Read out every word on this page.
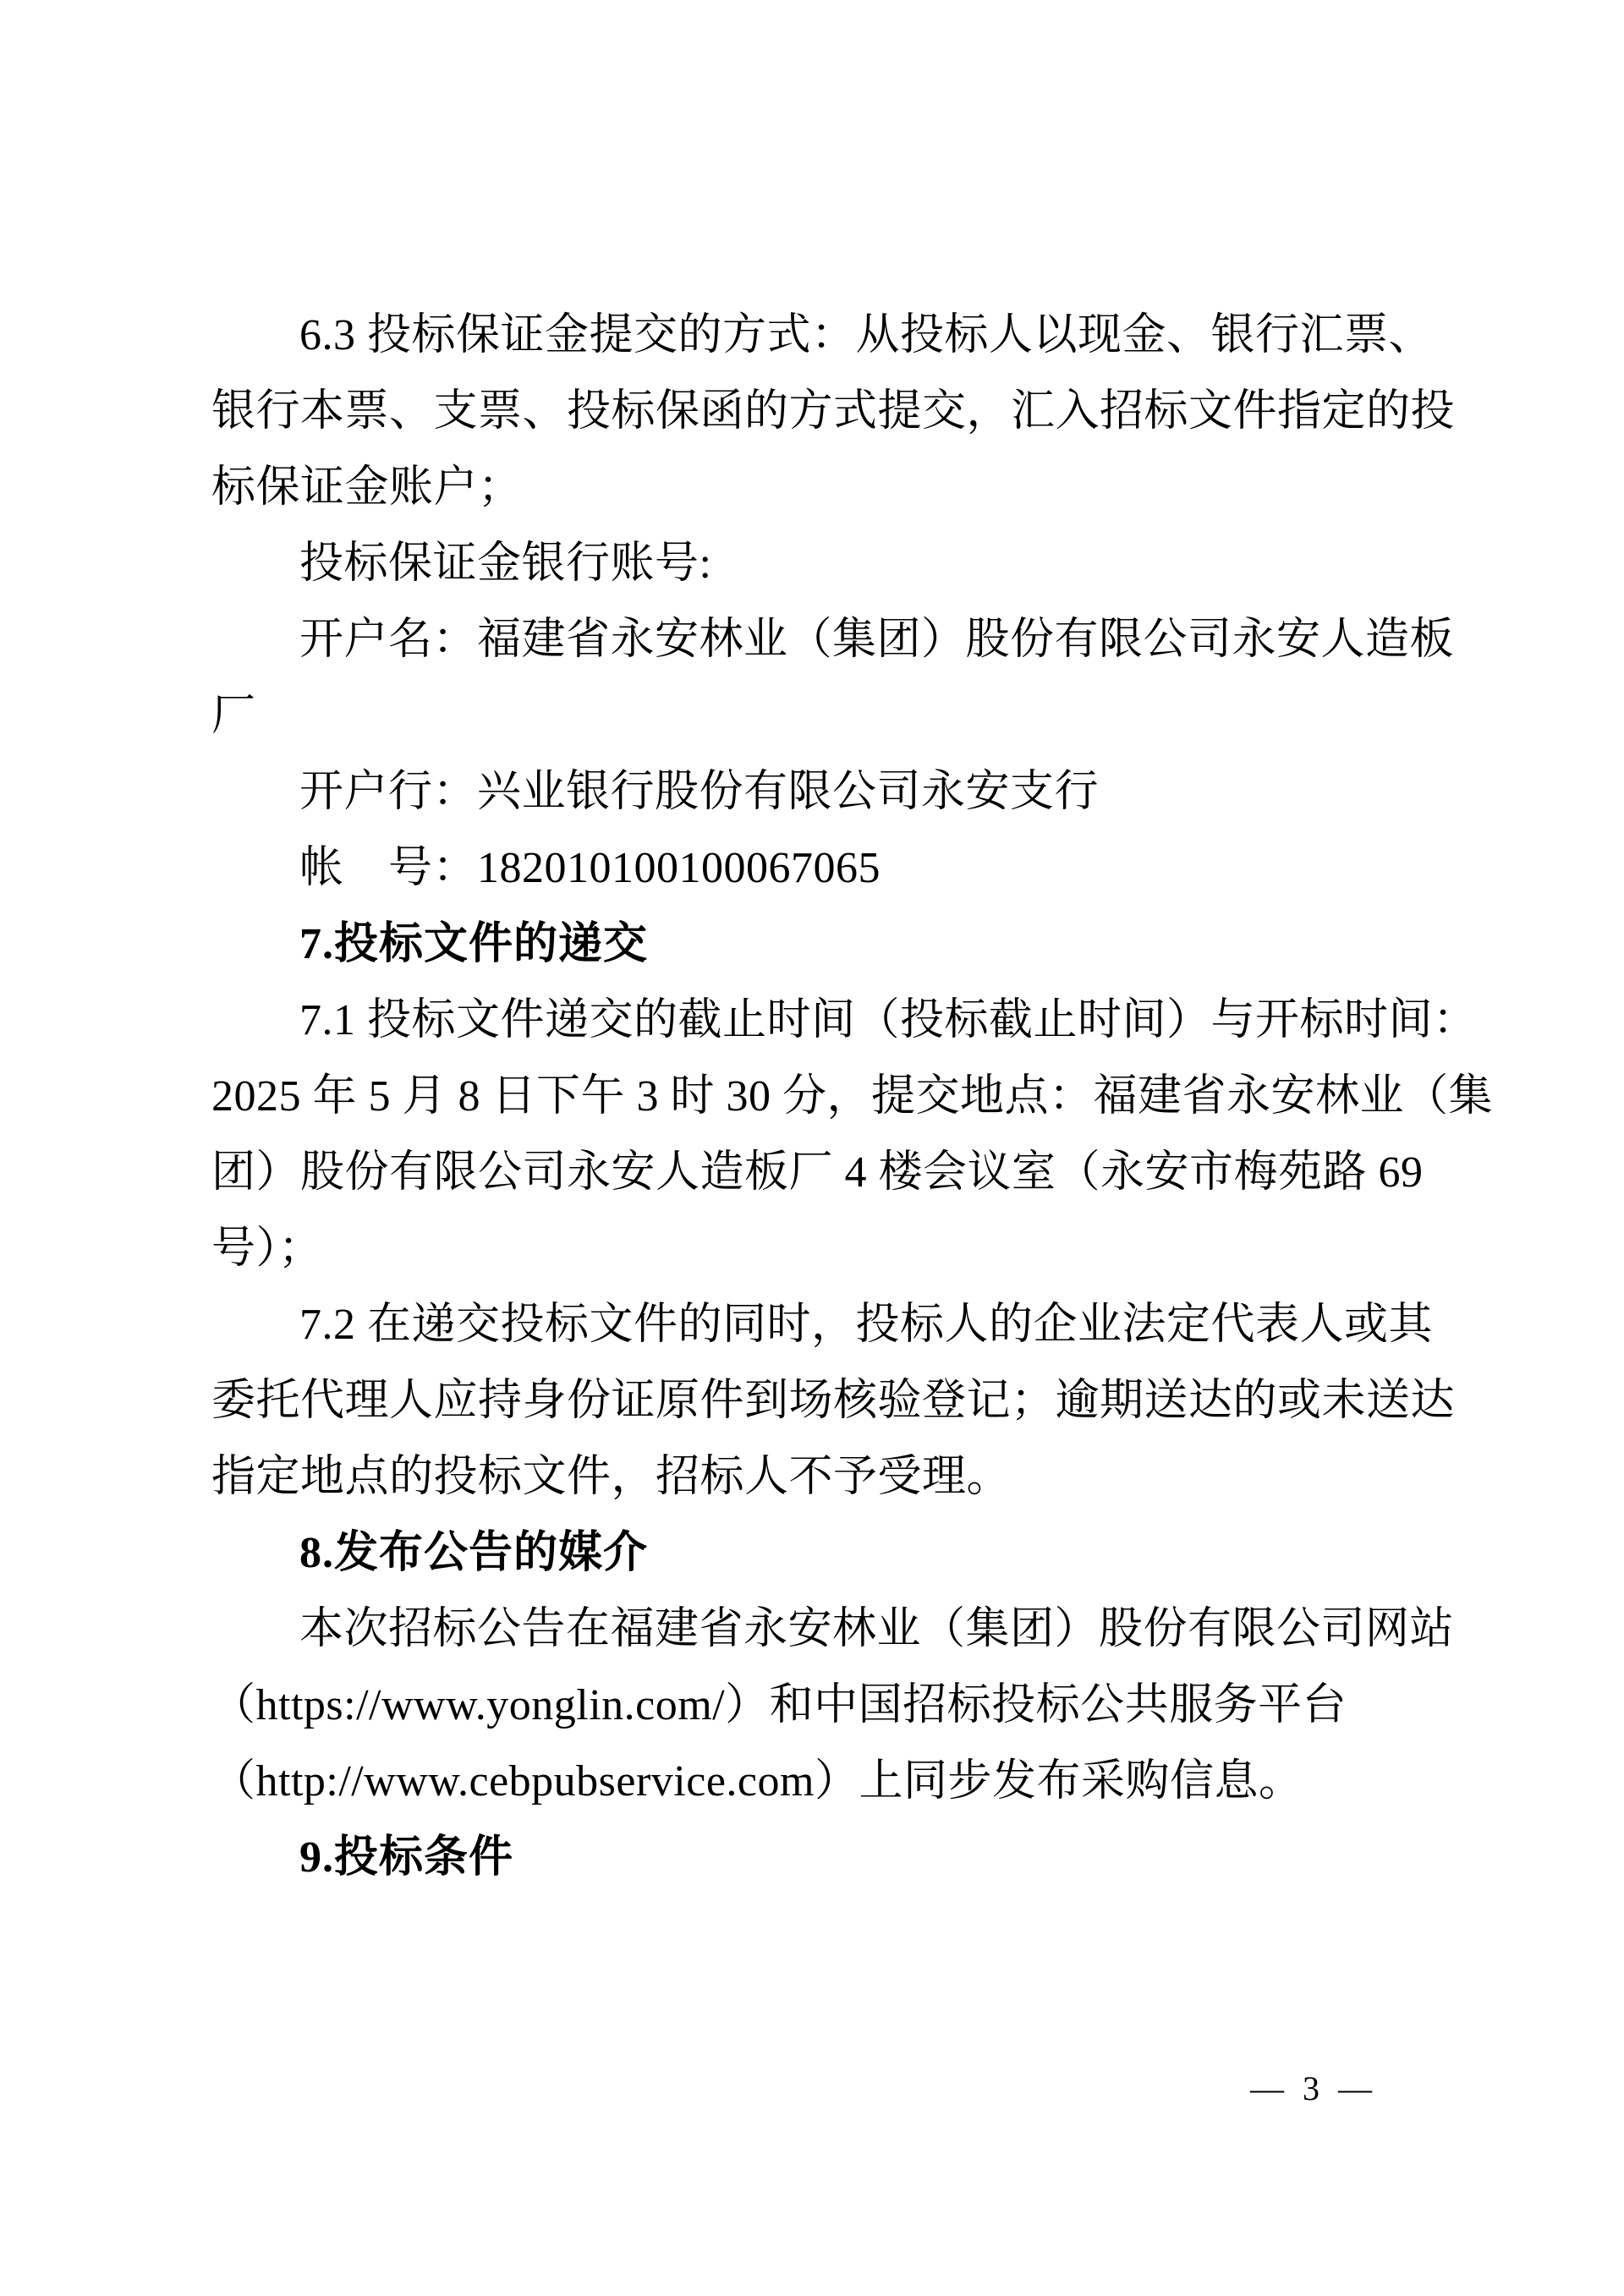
6.3 投标保证金提交的方式：从投标人以现金、银行汇票、
银行本票、支票、投标保函的方式提交，汇入招标文件指定的投
标保证金账户；
投标保证金银行账号:
开户名：福建省永安林业（集团）股份有限公司永安人造板
厂
开户行：兴业银行股份有限公司永安支行
帐　号：182010100100067065
7.投标文件的递交
7.1 投标文件递交的截止时间（投标截止时间）与开标时间：
2025 年 5 月 8 日下午 3 时 30 分，提交地点：福建省永安林业（集
团）股份有限公司永安人造板厂 4 楼会议室（永安市梅苑路 69
号）；
7.2 在递交投标文件的同时，投标人的企业法定代表人或其
委托代理人应持身份证原件到场核验登记；逾期送达的或未送达
指定地点的投标文件，招标人不予受理。
8.发布公告的媒介
本次招标公告在福建省永安林业（集团）股份有限公司网站
（https://www.yonglin.com/）和中国招标投标公共服务平台
（http://www.cebpubservice.com）上同步发布采购信息。
9.投标条件
— 3 —
